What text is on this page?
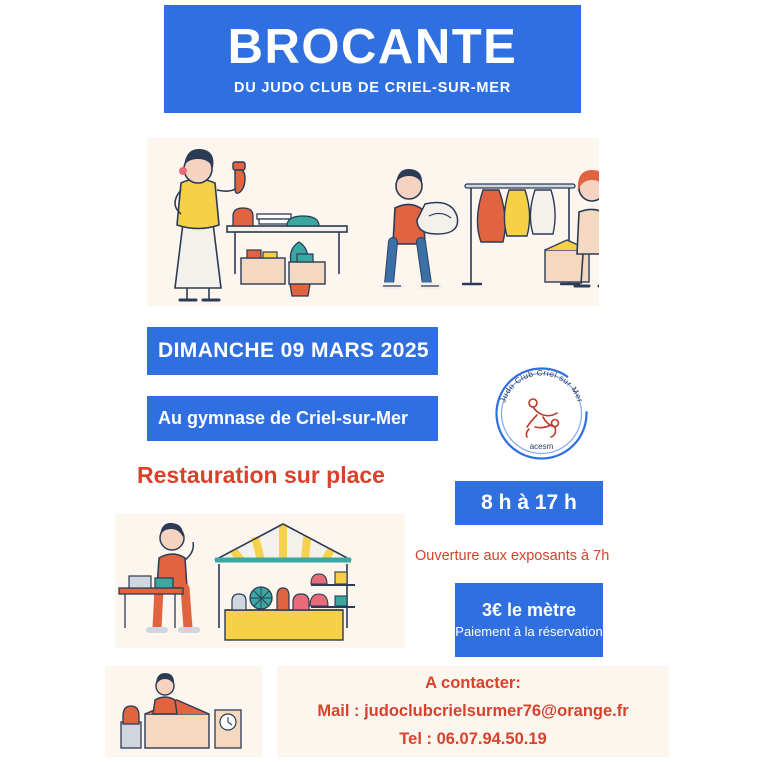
BROCANTE
DU JUDO CLUB DE CRIEL-SUR-MER
DIMANCHE 09 MARS 2025
Au gymnase de Criel-sur-Mer
Judo Club Criel sur Mer
acesm
Restauration sur place
8 h à 17 h
Ouverture aux exposants à 7h
3€ le mètre
Paiement à la réservation
A contacter:
Mail : judoclubcrielsurmer76@orange.fr
Tel : 06.07.94.50.19
